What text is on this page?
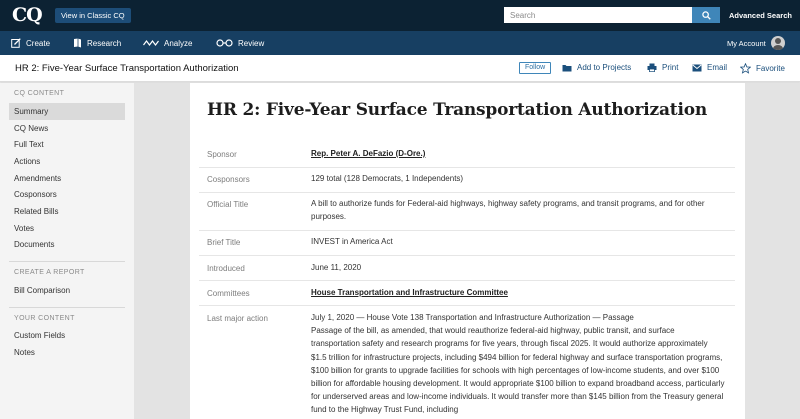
CQ	View in Classic CQ
Search	Advanced Search
Create	Research	Analyze	Review	My Account
HR 2: Five-Year Surface Transportation Authorization	Follow	Add to Projects	Print	Email	Favorite
CQ CONTENT
Summary
CQ News
Full Text
Actions
Amendments
Cosponsors
Related Bills
Votes
Documents
CREATE A REPORT
Bill Comparison
YOUR CONTENT
Custom Fields
Notes
HR 2: Five-Year Surface Transportation Authorization
Sponsor	Rep. Peter A. DeFazio (D-Ore.)
Cosponsors	129 total (128 Democrats, 1 Independents)
Official Title	A bill to authorize funds for Federal-aid highways, highway safety programs, and transit programs, and for other purposes.
Brief Title	INVEST in America Act
Introduced	June 11, 2020
Committees	House Transportation and Infrastructure Committee
Last major action	July 1, 2020 — House Vote 138 Transportation and Infrastructure Authorization — Passage
Passage of the bill, as amended, that would reauthorize federal-aid highway, public transit, and surface transportation safety and research programs for five years, through fiscal 2025. It would authorize approximately $1.5 trillion for infrastructure projects, including $494 billion for federal highway and surface transportation programs, $100 billion for grants to upgrade facilities for schools with high percentages of low-income students, and over $100 billion for affordable housing development. It would appropriate $100 billion to expand broadband access, particularly for underserved areas and low-income individuals. It would transfer more than $145 billion from the Treasury general fund to the Highway Trust Fund, including
